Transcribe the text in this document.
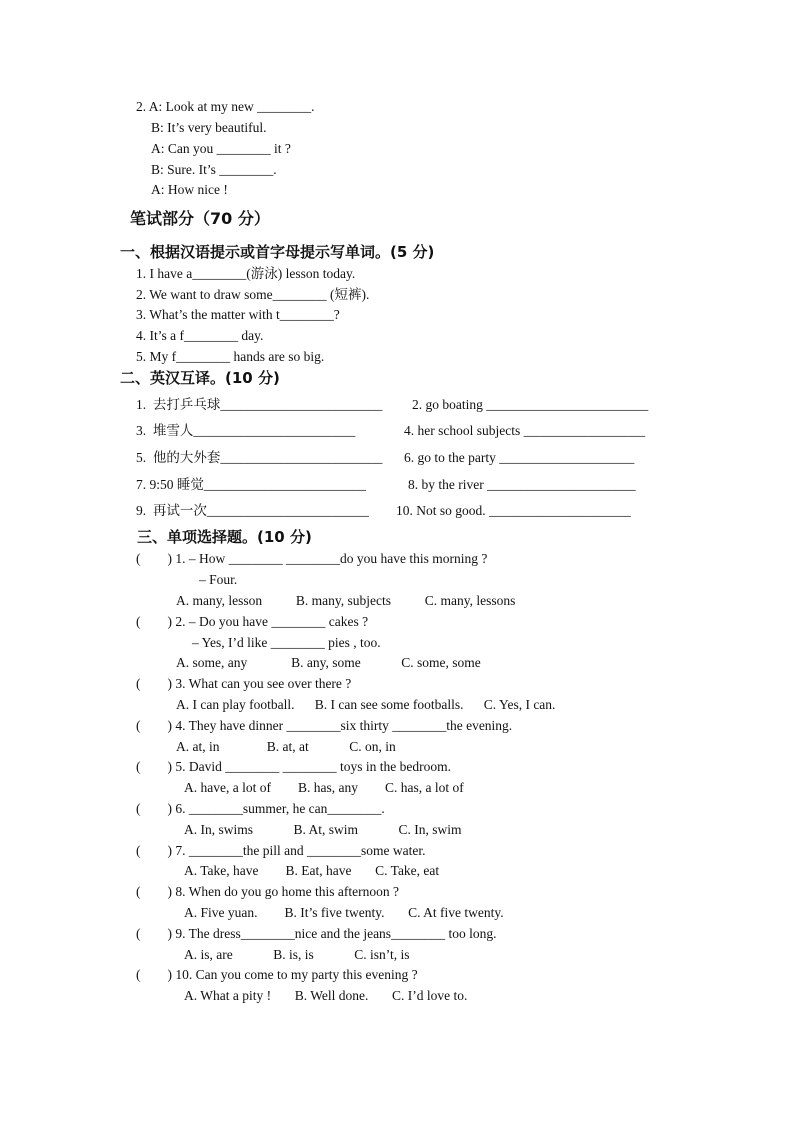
2. A: Look at my new ________.
B: It’s very beautiful.
A: Can you ________ it ?
B: Sure. It’s ________.
A: How nice !
笔试部分（70 分）
一、根据汉语提示或首字母提示写单词。(5 分)
1. I have a________(游泳) lesson today.
2. We want to draw some________ (短裤).
3. What’s the matter with t________?
4. It’s a f________ day.
5. My f________ hands are so big.
二、英汉互译。(10 分)
1.  去打乒乓球________________________ 2. go boating ________________________
3.  堆雪人________________________	4. her school subjects __________________
5.  他的大外套________________________ 6. go to the party ____________________
7. 9:50 睡觉________________________	8. by the river ______________________
9.  再试一次________________________ 10. Not so good. _____________________
三、单项选择题。(10 分)
(        ) 1. – How ________ ________do you have this morning ?
– Four.
A. many, lesson          B. many, subjects          C. many, lessons
(        ) 2. – Do you have ________ cakes ?
– Yes, I’d like ________ pies , too.
A. some, any             B. any, some            C. some, some
(        ) 3. What can you see over there ?
A. I can play football.      B. I can see some footballs.      C. Yes, I can.
(        ) 4. They have dinner ________six thirty ________the evening.
A. at, in              B. at, at            C. on, in
(        ) 5. David ________ ________ toys in the bedroom.
A. have, a lot of        B. has, any        C. has, a lot of
(        ) 6. ________summer, he can________.
A. In, swims            B. At, swim            C. In, swim
(        ) 7. ________the pill and ________some water.
A. Take, have        B. Eat, have       C. Take, eat
(        ) 8. When do you go home this afternoon ?
A. Five yuan.        B. It’s five twenty.       C. At five twenty.
(        ) 9. The dress________nice and the jeans________ too long.
A. is, are            B. is, is            C. isn’t, is
(        ) 10. Can you come to my party this evening ?
A. What a pity !       B. Well done.       C. I’d love to.
